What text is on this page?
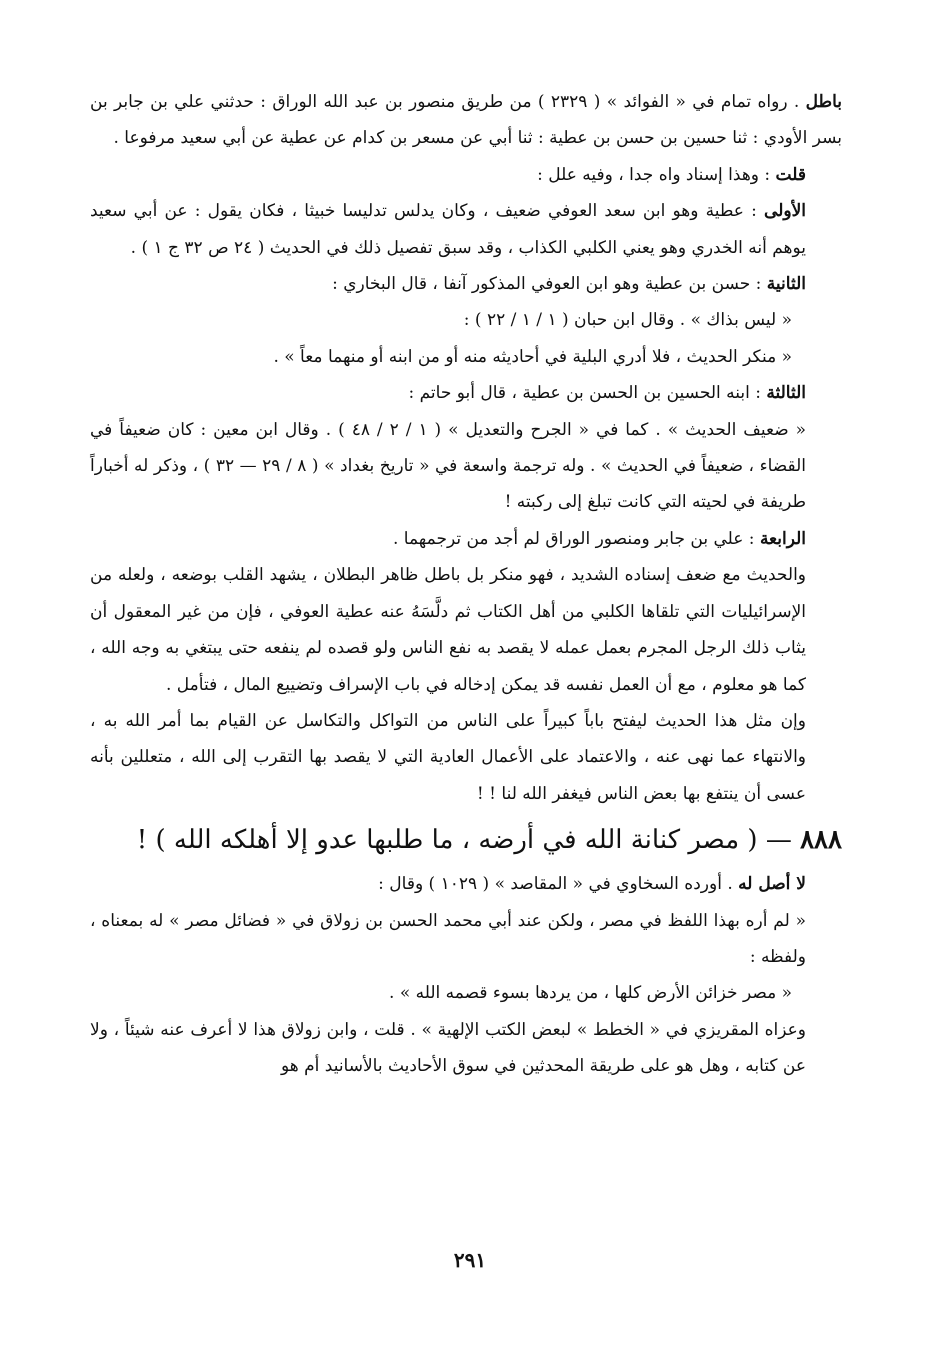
باطل . رواه تمام في « الفوائد » ( ٢٣٢٩ ) من طريق منصور بن عبد الله الوراق : حدثني علي بن جابر بن بسر الأودي : ثنا حسين بن حسن بن عطية : ثنا أبي عن مسعر بن كدام عن عطية عن أبي سعيد مرفوعا .

قلت : وهذا إسناد واه جدا ، وفيه علل :

الأولى : عطية وهو ابن سعد العوفي ضعيف ، وكان يدلس تدليسا خبيثا ، فكان يقول : عن أبي سعيد يوهم أنه الخدري وهو يعني الكلبي الكذاب ، وقد سبق تفصيل ذلك في الحديث ( ٢٤ ص ٣٢ ج ١ ) .

الثانية : حسن بن عطية وهو ابن العوفي المذكور آنفا ، قال البخاري :

« ليس بذاك » . وقال ابن حبان ( ١ / ١ / ٢٢ ) :

« منكر الحديث ، فلا أدري البلية في أحاديثه منه أو من ابنه أو منهما معاً » .

الثالثة : ابنه الحسين بن الحسن بن عطية ، قال أبو حاتم :

« ضعيف الحديث » . كما في « الجرح والتعديل » ( ١ / ٢ / ٤٨ ) . وقال ابن معين : كان ضعيفاً في القضاء ، ضعيفاً في الحديث » . وله ترجمة واسعة في « تاريخ بغداد » ( ٨ / ٢٩ — ٣٢ ) ، وذكر له أخباراً طريفة في لحيته التي كانت تبلغ إلى ركبته !

الرابعة : علي بن جابر ومنصور الوراق لم أجد من ترجمهما .

والحديث مع ضعف إسناده الشديد ، فهو منكر بل باطل ظاهر البطلان ، يشهد القلب بوضعه ، ولعله من الإسرائيليات التي تلقاها الكلبي من أهل الكتاب ثم دلَّسَهُ عنه عطية العوفي ، فإن من غير المعقول أن يثاب ذلك الرجل المجرم بعمل عمله لا يقصد به نفع الناس ولو قصده لم ينفعه حتى يبتغي به وجه الله ، كما هو معلوم ، مع أن العمل نفسه قد يمكن إدخاله في باب الإسراف وتضييع المال ، فتأمل .

وإن مثل هذا الحديث ليفتح باباً كبيراً على الناس من التواكل والتكاسل عن القيام بما أمر الله به ، والانتهاء عما نهى عنه ، والاعتماد على الأعمال العادية التي لا يقصد بها التقرب إلى الله ، متعللين بأنه عسى أن ينتفع بها بعض الناس فيغفر الله لنا ! !

٨٨٨ — ( مصر كنانة الله في أرضه ، ما طلبها عدو إلا أهلكه الله ) !

لا أصل له . أورده السخاوي في « المقاصد » ( ١٠٢٩ ) وقال :

« لم أره بهذا اللفظ في مصر ، ولكن عند أبي محمد الحسن بن زولاق في « فضائل مصر » له بمعناه ، ولفظه :

« مصر خزائن الأرض كلها ، من يردها بسوء قصمه الله » .

وعزاه المقريزي في « الخطط » لبعض الكتب الإلهية » . قلت ، وابن زولاق هذا لا أعرف عنه شيئاً ، ولا عن كتابه ، وهل هو على طريقة المحدثين في سوق الأحاديث بالأسانيد أم هو

٢٩١
